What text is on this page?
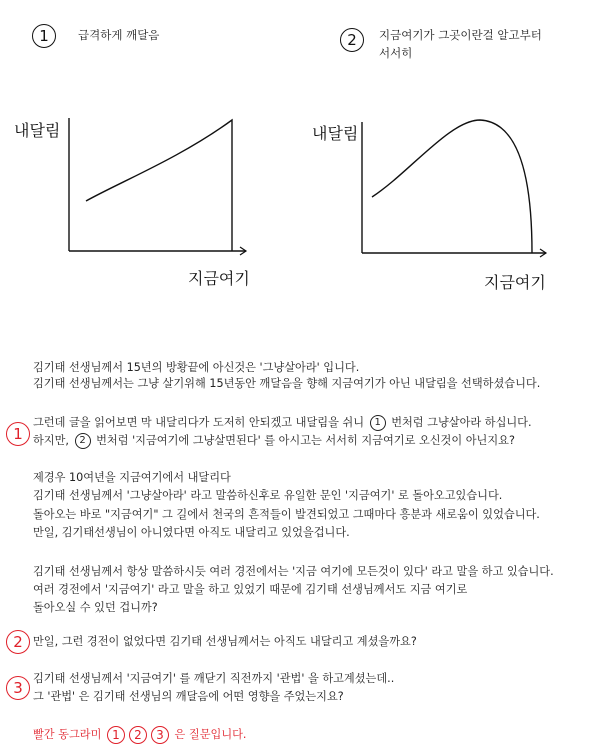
1	급격하게 깨달음	2	지금여기가 그곳이란걸 알고부터
서서히
내달림
지금여기
내달림
지금여기
김기태 선생님께서 15년의 방황끝에 아신것은 '그냥살아라' 입니다.
김기태 선생님께서는 그냥 살기위해 15년동안 깨달음을 향해 지금여기가 아닌 내달림을 선택하셨습니다.
1
그런데 글을 읽어보면 막 내달리다가 도저히 안되겠고 내달림을 쉬니 1 번처럼 그냥살아라 하십니다.
하지만, 2 번처럼 '지금여기에 그냥살면된다' 를 아시고는 서서히 지금여기로 오신것이 아닌지요?
제경우 10여년을 지금여기에서 내달리다
김기태 선생님께서 '그냥살아라' 라고 말씀하신후로 유일한 문인 '지금여기' 로 돌아오고있습니다.
돌아오는 바로 "지금여기" 그 길에서 천국의 흔적들이 발견되었고 그때마다 흥분과 새로움이 있었습니다.
만일, 김기태선생님이 아니였다면 아직도 내달리고 있었을겁니다.
김기태 선생님께서 항상 말씀하시듯 여러 경전에서는 '지금 여기에 모든것이 있다' 라고 말을 하고 있습니다.
여러 경전에서 '지금여기' 라고 말을 하고 있었기 때문에 김기태 선생님께서도 지금 여기로
돌아오실 수 있던 겁니까?
2 만일, 그런 경전이 없었다면 김기태 선생님께서는 아직도 내달리고 계셨을까요?
3
김기태 선생님께서 '지금여기' 를 깨닫기 직전까지 '관법' 을 하고계셨는데..
그 '관법' 은 김기태 선생님의 깨달음에 어떤 영향을 주었는지요?
빨간 동그라미 1 2 3 은 질문입니다.
